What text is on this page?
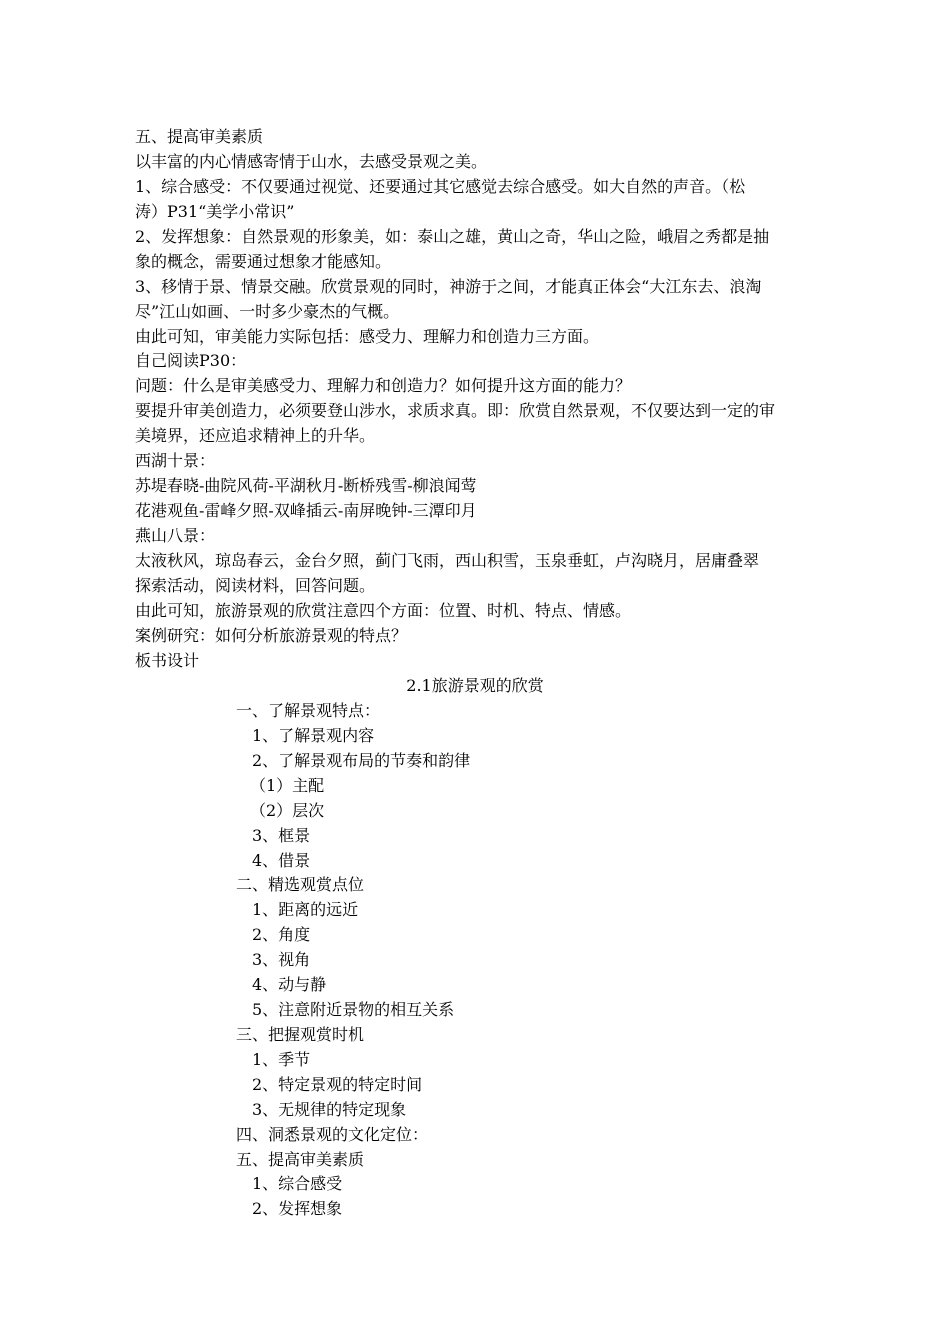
五、提高审美素质
以丰富的内心情感寄情于山水，去感受景观之美。
1、综合感受：不仅要通过视觉、还要通过其它感觉去综合感受。如大自然的声音。（松
涛）P31“美学小常识”
2、发挥想象：自然景观的形象美，如：泰山之雄，黄山之奇，华山之险，峨眉之秀都是抽
象的概念，需要通过想象才能感知。
3、移情于景、情景交融。欣赏景观的同时，神游于之间，才能真正体会“大江东去、浪淘
尽”江山如画、一时多少豪杰的气概。
由此可知，审美能力实际包括：感受力、理解力和创造力三方面。
自己阅读P30：
问题：什么是审美感受力、理解力和创造力？如何提升这方面的能力？
要提升审美创造力，必须要登山涉水，求质求真。即：欣赏自然景观，不仅要达到一定的审
美境界，还应追求精神上的升华。
西湖十景：
苏堤春晓-曲院风荷-平湖秋月-断桥残雪-柳浪闻莺
花港观鱼-雷峰夕照-双峰插云-南屏晚钟-三潭印月
燕山八景：
太液秋风，琼岛春云，金台夕照，蓟门飞雨，西山积雪，玉泉垂虹，卢沟晓月，居庸叠翠
探索活动，阅读材料，回答问题。
由此可知，旅游景观的欣赏注意四个方面：位置、时机、特点、情感。
案例研究：如何分析旅游景观的特点？
板书设计
2.1旅游景观的欣赏
一、了解景观特点：
1、了解景观内容
2、了解景观布局的节奏和韵律
（1）主配
（2）层次
3、框景
4、借景
二、精选观赏点位
1、距离的远近
2、角度
3、视角
4、动与静
5、注意附近景物的相互关系
三、把握观赏时机
1、季节
2、特定景观的特定时间
3、无规律的特定现象
四、洞悉景观的文化定位：
五、提高审美素质
1、综合感受
2、发挥想象
